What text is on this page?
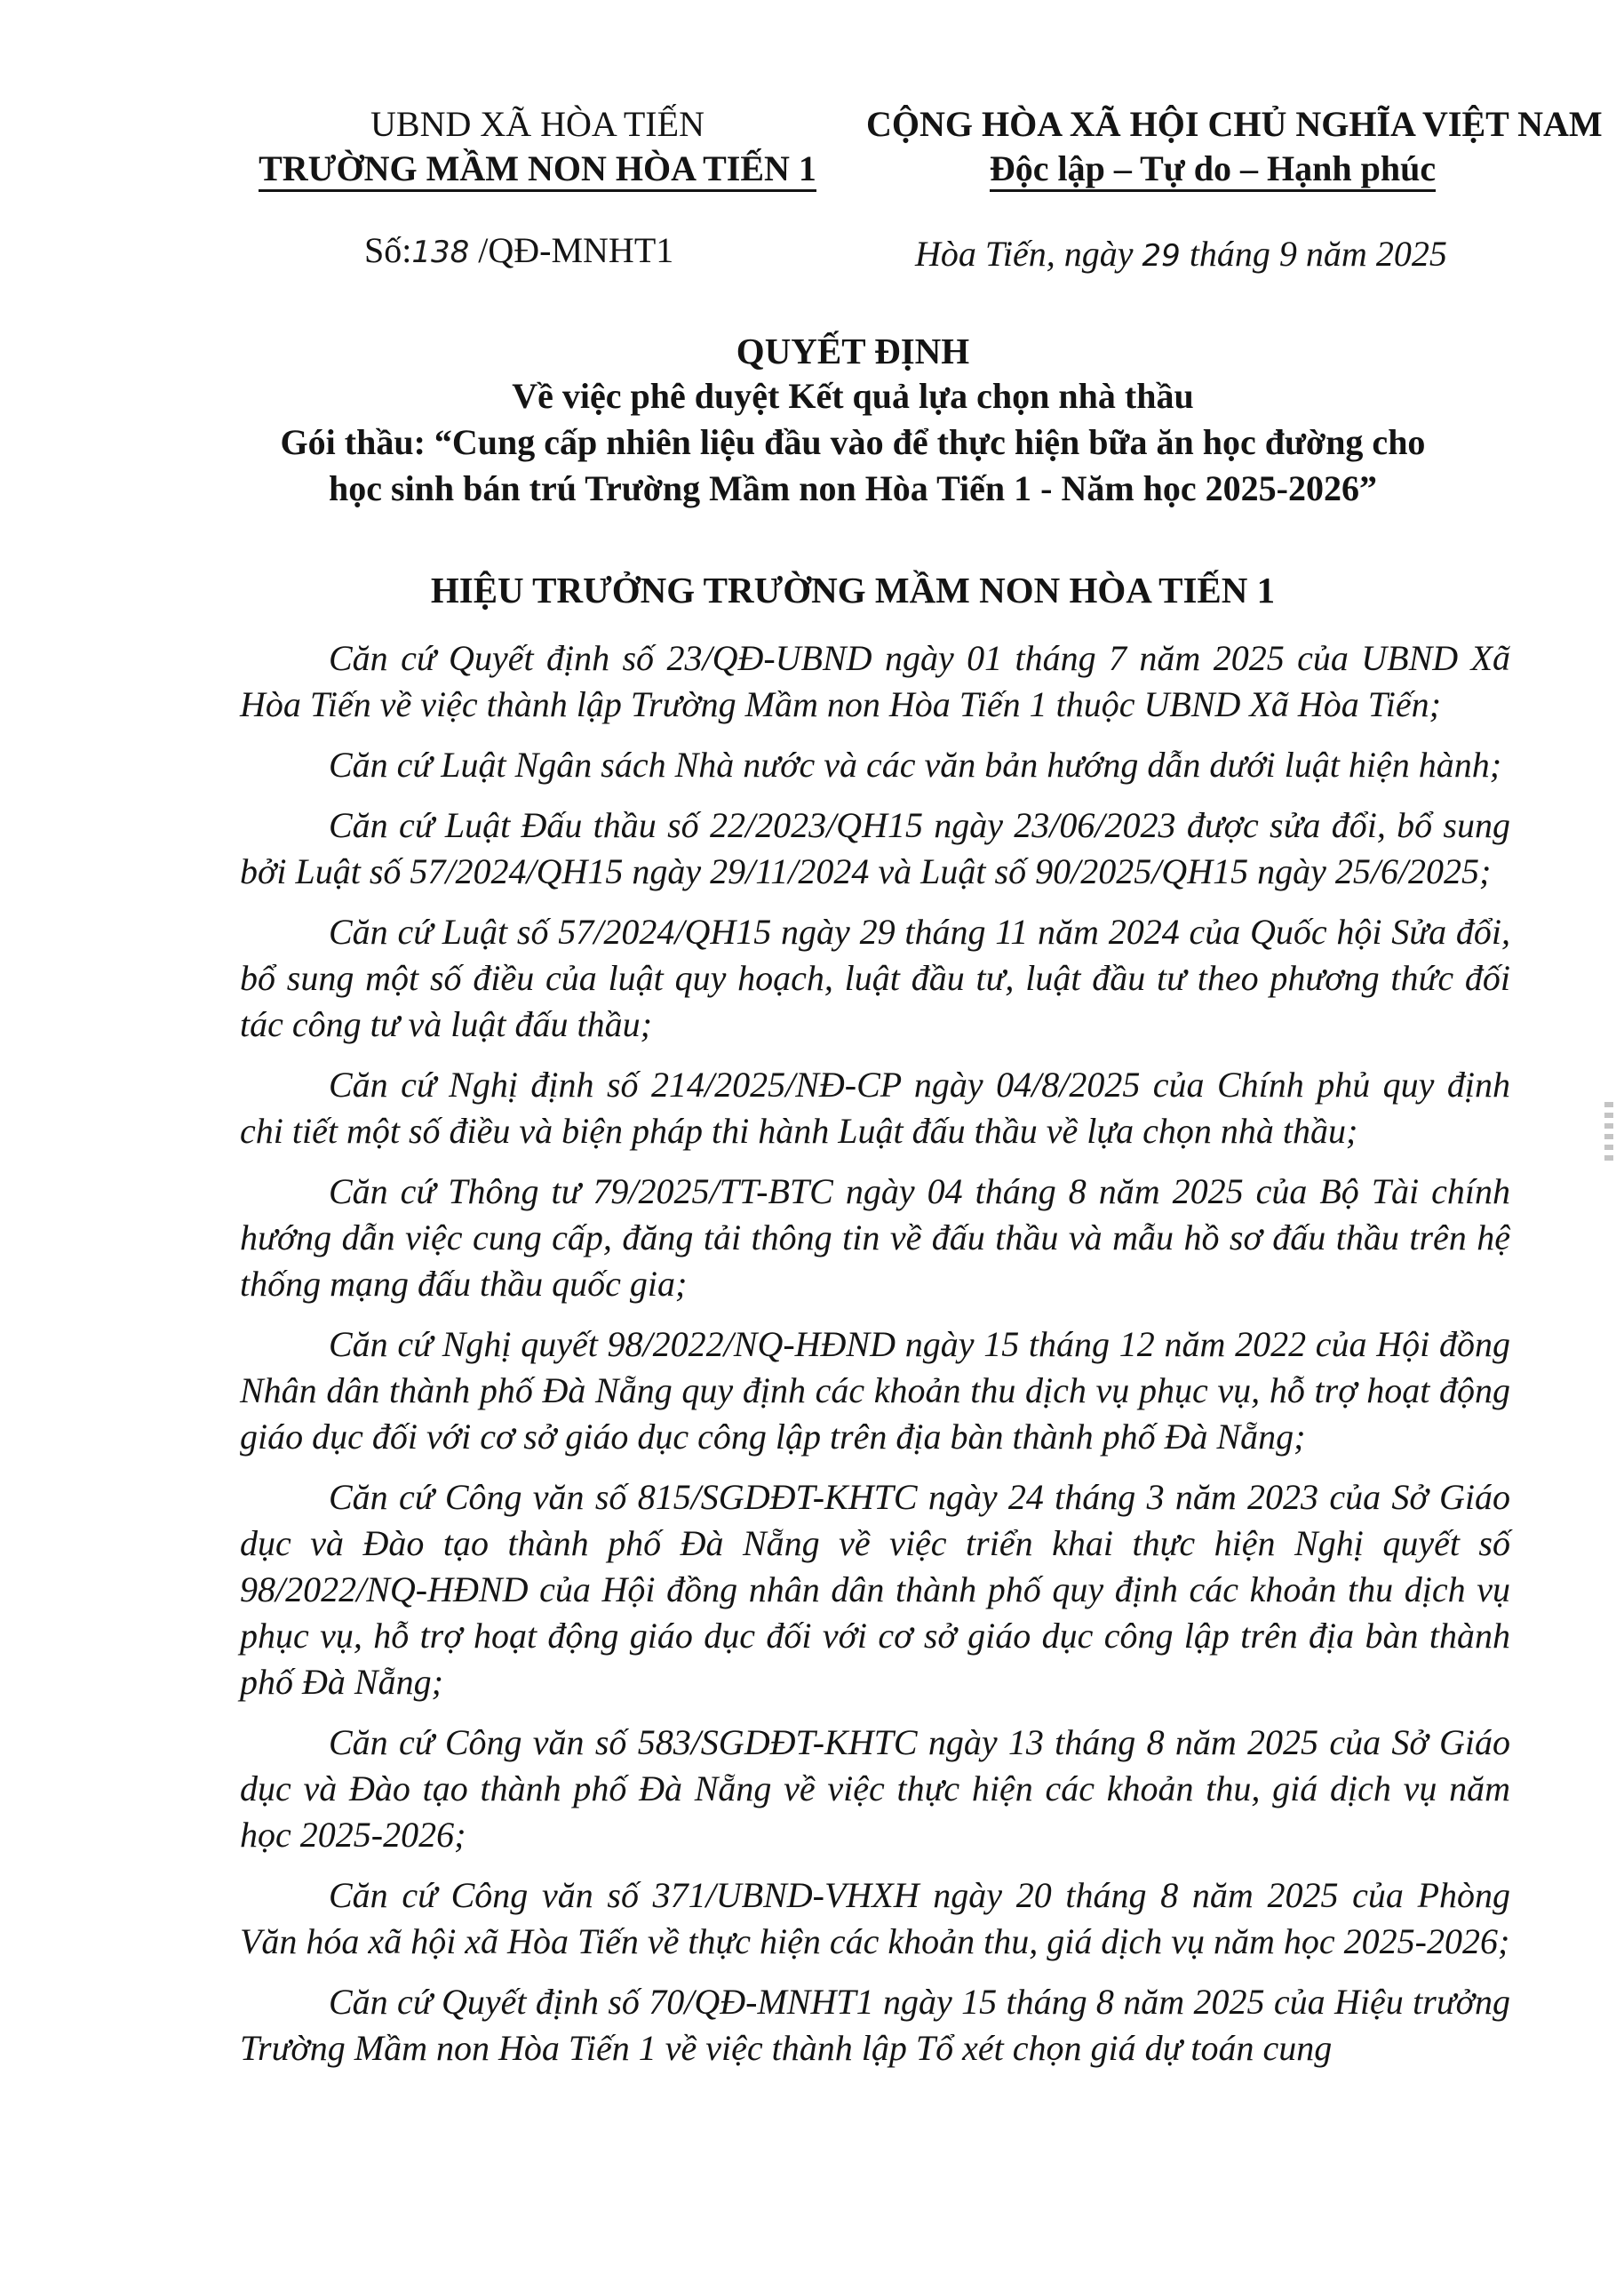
UBND XÃ HÒA TIẾN
TRƯỜNG MẦM NON HÒA TIẾN 1
CỘNG HÒA XÃ HỘI CHỦ NGHĨA VIỆT NAM
Độc lập – Tự do – Hạnh phúc
Số:138 /QĐ-MNHT1	Hòa Tiến, ngày 29 tháng 9 năm 2025
QUYẾT ĐỊNH
Về việc phê duyệt Kết quả lựa chọn nhà thầu
Gói thầu: “Cung cấp nhiên liệu đầu vào để thực hiện bữa ăn học đường cho
học sinh bán trú Trường Mầm non Hòa Tiến 1 - Năm học 2025-2026”
HIỆU TRƯỞNG TRƯỜNG MẦM NON HÒA TIẾN 1

Căn cứ Quyết định số 23/QĐ-UBND ngày 01 tháng 7 năm 2025 của UBND Xã Hòa Tiến về việc thành lập Trường Mầm non Hòa Tiến 1 thuộc UBND Xã Hòa Tiến;

Căn cứ Luật Ngân sách Nhà nước và các văn bản hướng dẫn dưới luật hiện hành;

Căn cứ Luật Đấu thầu số 22/2023/QH15 ngày 23/06/2023 được sửa đổi, bổ sung bởi Luật số 57/2024/QH15 ngày 29/11/2024 và Luật số 90/2025/QH15 ngày 25/6/2025;

Căn cứ Luật số 57/2024/QH15 ngày 29 tháng 11 năm 2024 của Quốc hội Sửa đổi, bổ sung một số điều của luật quy hoạch, luật đầu tư, luật đầu tư theo phương thức đối tác công tư và luật đấu thầu;

Căn cứ Nghị định số 214/2025/NĐ-CP ngày 04/8/2025 của Chính phủ quy định chi tiết một số điều và biện pháp thi hành Luật đấu thầu về lựa chọn nhà thầu;

Căn cứ Thông tư 79/2025/TT-BTC ngày 04 tháng 8 năm 2025 của Bộ Tài chính hướng dẫn việc cung cấp, đăng tải thông tin về đấu thầu và mẫu hồ sơ đấu thầu trên hệ thống mạng đấu thầu quốc gia;

Căn cứ Nghị quyết 98/2022/NQ-HĐND ngày 15 tháng 12 năm 2022 của Hội đồng Nhân dân thành phố Đà Nẵng quy định các khoản thu dịch vụ phục vụ, hỗ trợ hoạt động giáo dục đối với cơ sở giáo dục công lập trên địa bàn thành phố Đà Nẵng;

Căn cứ Công văn số 815/SGDĐT-KHTC ngày 24 tháng 3 năm 2023 của Sở Giáo dục và Đào tạo thành phố Đà Nẵng về việc triển khai thực hiện Nghị quyết số 98/2022/NQ-HĐND của Hội đồng nhân dân thành phố quy định các khoản thu dịch vụ phục vụ, hỗ trợ hoạt động giáo dục đối với cơ sở giáo dục công lập trên địa bàn thành phố Đà Nẵng;

Căn cứ Công văn số 583/SGDĐT-KHTC ngày 13 tháng 8 năm 2025 của Sở Giáo dục và Đào tạo thành phố Đà Nẵng về việc thực hiện các khoản thu, giá dịch vụ năm học 2025-2026;

Căn cứ Công văn số 371/UBND-VHXH ngày 20 tháng 8 năm 2025 của Phòng Văn hóa xã hội xã Hòa Tiến về thực hiện các khoản thu, giá dịch vụ năm học 2025-2026;

Căn cứ Quyết định số 70/QĐ-MNHT1 ngày 15 tháng 8 năm 2025 của Hiệu trưởng Trường Mầm non Hòa Tiến 1 về việc thành lập Tổ xét chọn giá dự toán cung
